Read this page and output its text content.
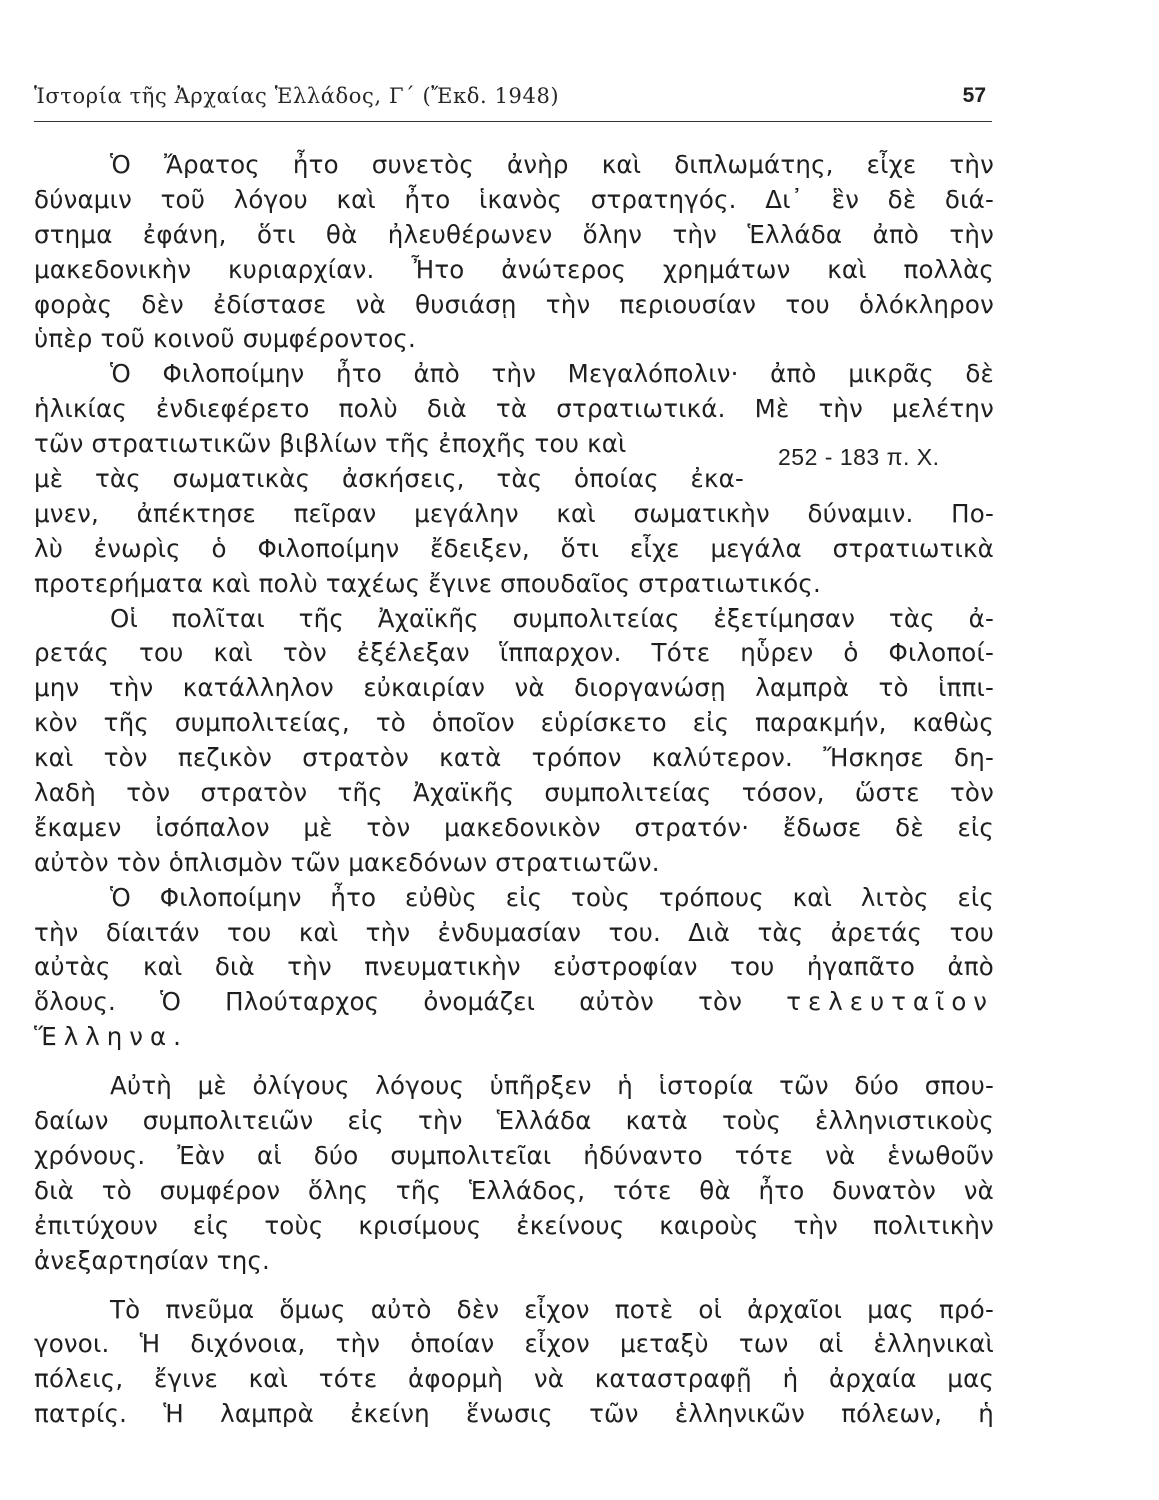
Ἱστορία τῆς Ἀρχαίας Ἑλλάδος, Γ΄ (Ἔκδ. 1948)	57
252 - 183 π. Χ.
Ὁ Ἄρατος ἦτο συνετὸς ἀνὴρ καὶ διπλωμάτης, εἶχε τὴν
δύναμιν τοῦ λόγου καὶ ἦτο ἱκανὸς στρατηγός. Δι᾽ ἓν δὲ διά-
στημα ἐφάνη, ὅτι θὰ ἠλευθέρωνεν ὅλην τὴν Ἑλλάδα ἀπὸ τὴν
μακεδονικὴν κυριαρχίαν. Ἦτο ἀνώτερος χρημάτων καὶ πολλὰς
φορὰς δὲν ἐδίστασε νὰ θυσιάσῃ τὴν περιουσίαν του ὁλόκληρον
ὑπὲρ τοῦ κοινοῦ συμφέροντος.
Ὁ Φιλοποίμην ἦτο ἀπὸ τὴν Μεγαλόπολιν· ἀπὸ μικρᾶς δὲ
ἡλικίας ἐνδιεφέρετο πολὺ διὰ τὰ στρατιωτικά. Μὲ τὴν μελέτην
τῶν στρατιωτικῶν βιβλίων τῆς ἐποχῆς του καὶ
μὲ τὰς σωματικὰς ἀσκήσεις, τὰς ὁποίας ἐκα-
μνεν, ἀπέκτησε πεῖραν μεγάλην καὶ σωματικὴν δύναμιν. Πο-
λὺ ἐνωρὶς ὁ Φιλοποίμην ἔδειξεν, ὅτι εἶχε μεγάλα στρατιωτικὰ
προτερήματα καὶ πολὺ ταχέως ἔγινε σπουδαῖος στρατιωτικός.
Οἱ πολῖται τῆς Ἀχαϊκῆς συμπολιτείας ἐξετίμησαν τὰς ἀ-
ρετάς του καὶ τὸν ἐξέλεξαν ἵππαρχον. Τότε ηὗρεν ὁ Φιλοποί-
μην τὴν κατάλληλον εὐκαιρίαν νὰ διοργανώσῃ λαμπρὰ τὸ ἱππι-
κὸν τῆς συμπολιτείας, τὸ ὁποῖον εὑρίσκετο εἰς παρακμήν, καθὼς
καὶ τὸν πεζικὸν στρατὸν κατὰ τρόπον καλύτερον. Ἤσκησε δη-
λαδὴ τὸν στρατὸν τῆς Ἀχαϊκῆς συμπολιτείας τόσον, ὥστε τὸν
ἔκαμεν ἰσόπαλον μὲ τὸν μακεδονικὸν στρατόν· ἔδωσε δὲ εἰς
αὐτὸν τὸν ὁπλισμὸν τῶν μακεδόνων στρατιωτῶν.
Ὁ Φιλοποίμην ἦτο εὐθὺς εἰς τοὺς τρόπους καὶ λιτὸς εἰς
τὴν δίαιτάν του καὶ τὴν ἐνδυμασίαν του. Διὰ τὰς ἀρετάς του
αὐτὰς καὶ διὰ τὴν πνευματικὴν εὐστροφίαν του ἠγαπᾶτο ἀπὸ
ὅλους. Ὁ Πλούταρχος ὀνομάζει αὐτὸν τὸν τελευταῖον
Ἕλληνα.
Αὐτὴ μὲ ὀλίγους λόγους ὑπῆρξεν ἡ ἱστορία τῶν δύο σπου-
δαίων συμπολιτειῶν εἰς τὴν Ἑλλάδα κατὰ τοὺς ἑλληνιστικοὺς
χρόνους. Ἐὰν αἱ δύο συμπολιτεῖαι ἠδύναντο τότε νὰ ἑνωθοῦν
διὰ τὸ συμφέρον ὅλης τῆς Ἑλλάδος, τότε θὰ ἦτο δυνατὸν νὰ
ἐπιτύχουν εἰς τοὺς κρισίμους ἐκείνους καιροὺς τὴν πολιτικὴν
ἀνεξαρτησίαν της.
Τὸ πνεῦμα ὅμως αὐτὸ δὲν εἶχον ποτὲ οἱ ἀρχαῖοι μας πρό-
γονοι. Ἡ διχόνοια, τὴν ὁποίαν εἶχον μεταξὺ των αἱ ἑλληνικαὶ
πόλεις, ἔγινε καὶ τότε ἀφορμὴ νὰ καταστραφῇ ἡ ἀρχαία μας
πατρίς. Ἡ λαμπρὰ ἐκείνη ἕνωσις τῶν ἑλληνικῶν πόλεων, ἡ
